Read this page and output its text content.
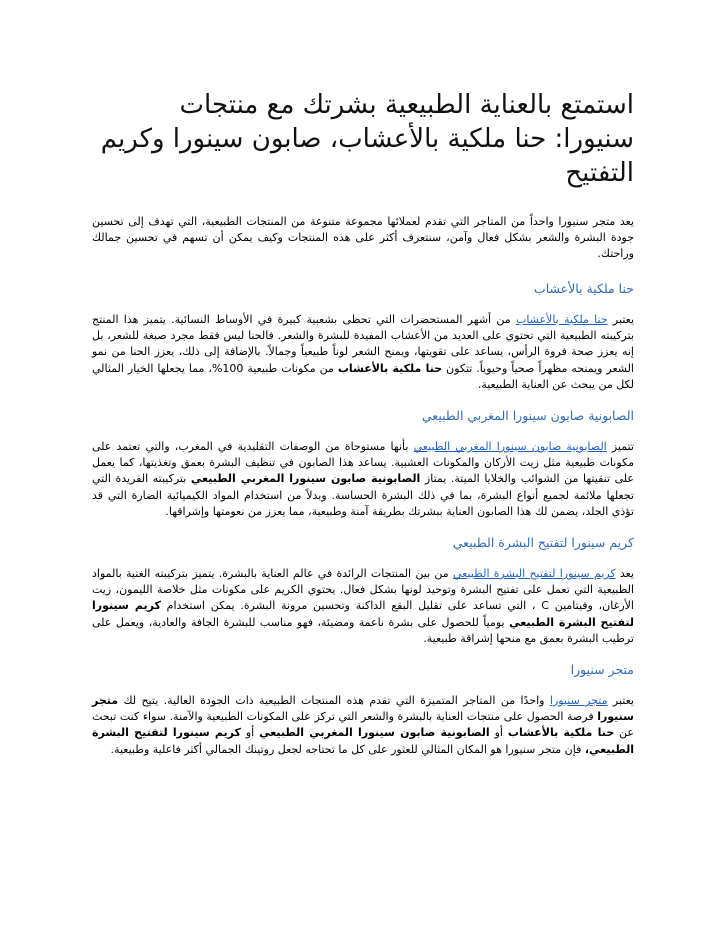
استمتع بالعناية الطبيعية بشرتك مع منتجات سنيورا: حنا ملكية بالأعشاب، صابون سينورا وكريم التفتيح

يعد متجر سنيورا واحداً من المتاجر التي تقدم لعملائها مجموعة متنوعة من المنتجات الطبيعية، التي تهدف إلى تحسين جودة البشرة والشعر بشكل فعال وآمن، سنتعرف أكثر على هذه المنتجات وكيف يمكن أن تسهم في تحسين جمالك وراحتك.

حنا ملكية بالأعشاب

يعتبر حنا ملكية بالأعشاب من أشهر المستحضرات التي تحظى بشعبية كبيرة في الأوساط النسائية. يتميز هذا المنتج بتركيبته الطبيعية التي تحتوي على العديد من الأعشاب المفيدة للبشرة والشعر. فالحنا ليس فقط مجرد صبغة للشعر، بل إنه يعزز صحة فروة الرأس، يساعد على تقويتها، ويمنح الشعر لوناً طبيعياً وجمالاً. بالإضافة إلى ذلك، يعزز الحنا من نمو الشعر ويمنحه مظهراً صحياً وحيوياً. تتكون حنا ملكية بالأعشاب من مكونات طبيعية 100%، مما يجعلها الخيار المثالي لكل من يبحث عن العناية الطبيعية.

الصابونية صابون سينورا المغربي الطبيعي

تتميز الصابونية صابون سينورا المغربي الطبيعي بأنها مستوحاة من الوصفات التقليدية في المغرب، والتي تعتمد على مكونات طبيعية مثل زيت الأركان والمكونات العشبية. يساعد هذا الصابون في تنظيف البشرة بعمق وتغذيتها، كما يعمل على تنقيتها من الشوائب والخلايا الميتة. يمتاز الصابونية صابون سينورا المغربي الطبيعي بتركيبته الفريدة التي تجعلها ملائمة لجميع أنواع البشرة، بما في ذلك البشرة الحساسة. وبدلاً من استخدام المواد الكيميائية الضارة التي قد تؤذي الجلد، يضمن لك هذا الصابون العناية ببشرتك بطريقة آمنة وطبيعية، مما يعزز من نعومتها وإشراقها.

كريم سينورا لتفتيح البشرة الطبيعي

يعد كريم سينورا لتفتيح البشرة الطبيعي من بين المنتجات الرائدة في عالم العناية بالبشرة. يتميز بتركيبته الغنية بالمواد الطبيعية التي تعمل على تفتيح البشرة وتوحيد لونها بشكل فعال. يحتوي الكريم على مكونات مثل خلاصة الليمون، زيت الأرغان، وفيتامين C ، التي تساعد على تقليل البقع الداكنة وتحسين مرونة البشرة. يمكن استخدام كريم سينورا لتفتيح البشرة الطبيعي يومياً للحصول على بشرة ناعمة ومضيئة، فهو مناسب للبشرة الجافة والعادية، ويعمل على ترطيب البشرة بعمق مع منحها إشراقة طبيعية.

متجر سنيورا

يعتبر متجر سنيورا واحدًا من المتاجر المتميزة التي تقدم هذه المنتجات الطبيعية ذات الجودة العالية. يتيح لك متجر سنيورا فرصة الحصول على منتجات العناية بالبشرة والشعر التي تركز على المكونات الطبيعية والآمنة. سواء كنت تبحث عن حنا ملكية بالأعشاب أو الصابونية صابون سينورا المغربي الطبيعي أو كريم سينورا لتفتيح البشرة الطبيعي، فإن متجر سنيورا هو المكان المثالي للعثور على كل ما تحتاجه لجعل روتينك الجمالي أكثر فاعلية وطبيعية.
